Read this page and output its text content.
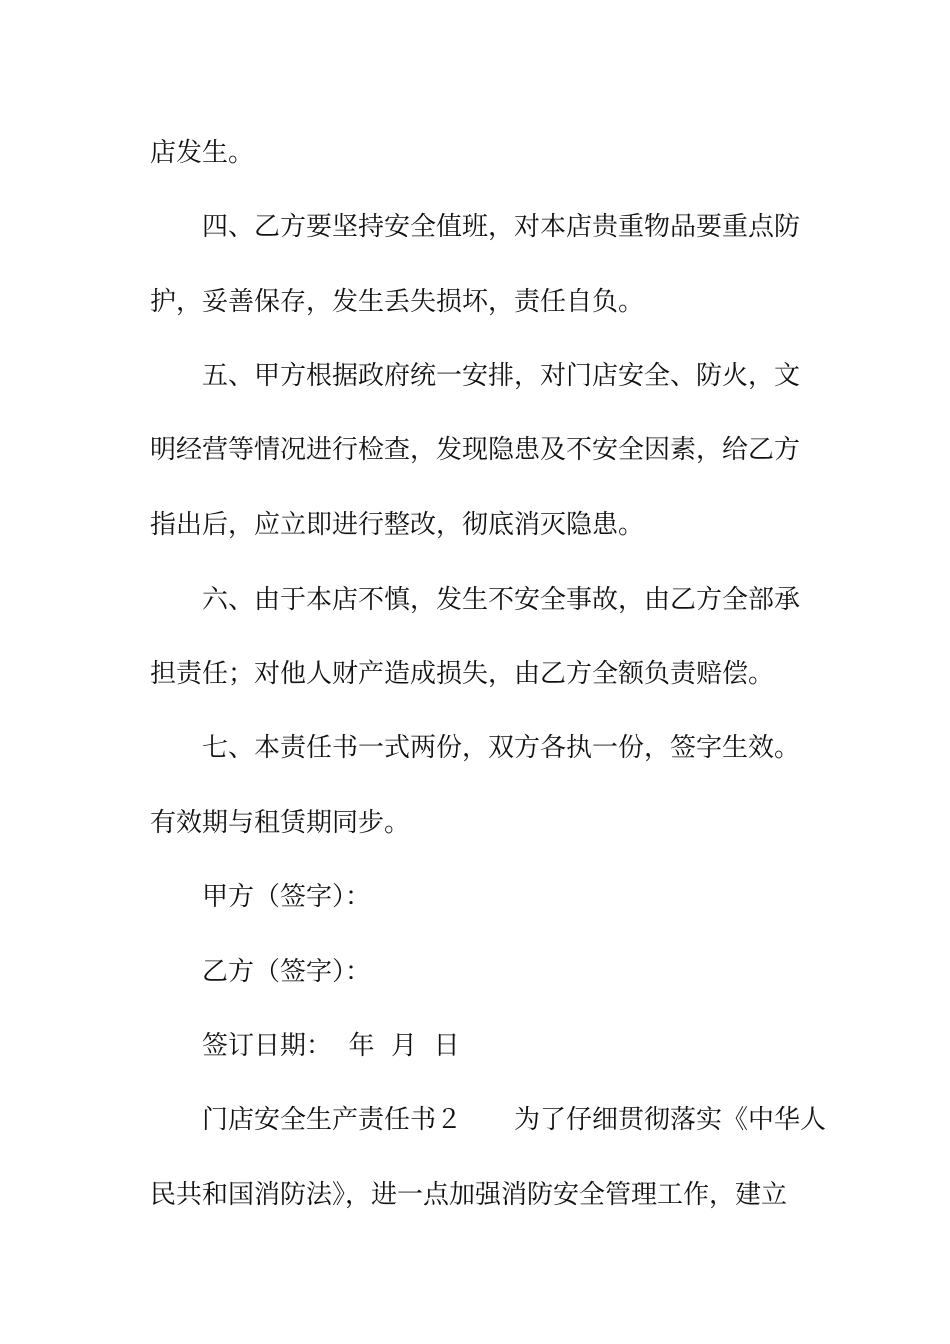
店发生。

四、乙方要坚持安全值班，对本店贵重物品要重点防

护，妥善保存，发生丢失损坏，责任自负。

五、甲方根据政府统一安排，对门店安全、防火，文

明经营等情况进行检查，发现隐患及不安全因素，给乙方

指出后，应立即进行整改，彻底消灭隐患。

六、由于本店不慎，发生不安全事故，由乙方全部承

担责任；对他人财产造成损失，由乙方全额负责赔偿。

七、本责任书一式两份，双方各执一份，签字生效。

有效期与租赁期同步。

甲方（签字）：

乙方（签字）：

签订日期：  年  月  日

门店安全生产责任书２　　为了仔细贯彻落实《中华人

民共和国消防法》，进一点加强消防安全管理工作，建立
